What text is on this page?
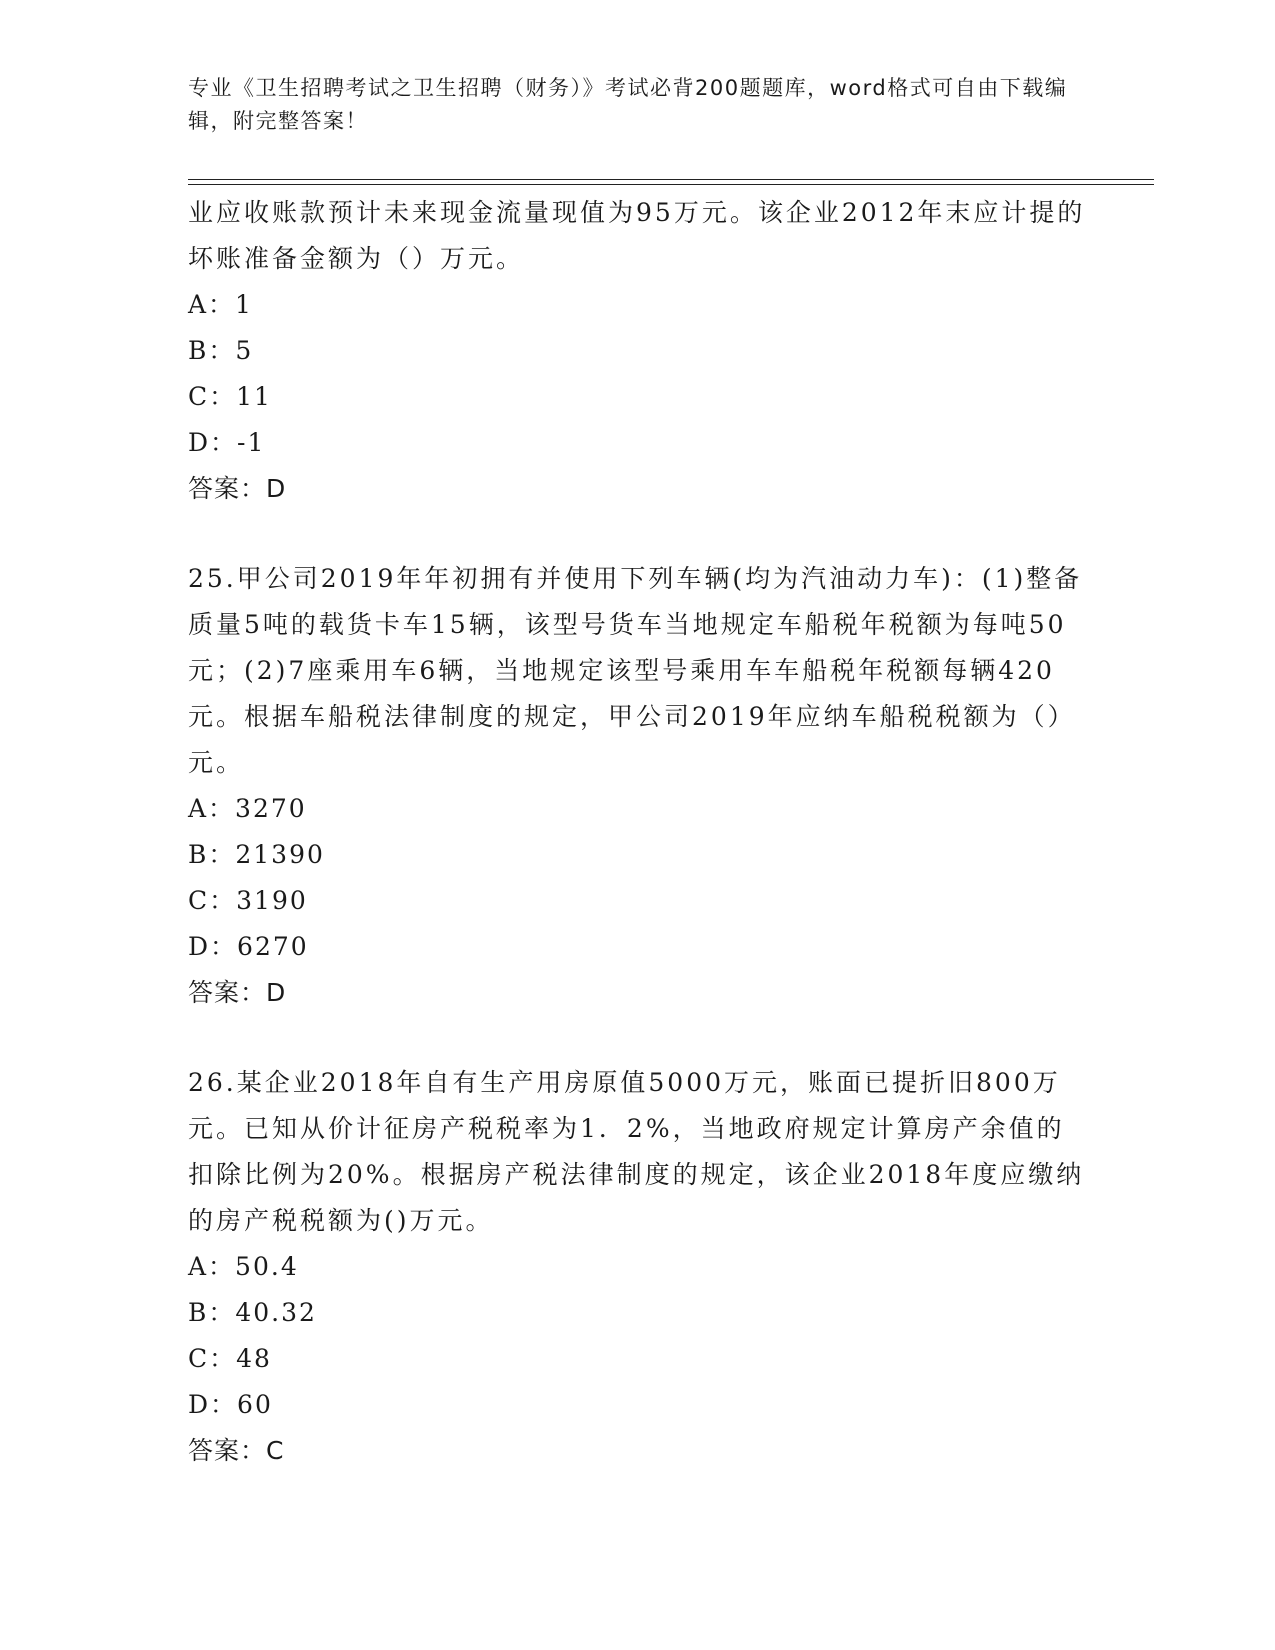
专业《卫生招聘考试之卫生招聘（财务）》考试必背200题题库，word格式可自由下载编辑，附完整答案！

业应收账款预计未来现金流量现值为95万元。该企业2012年末应计提的坏账准备金额为（）万元。

A：1

B：5

C：11

D：-1

答案：D

25.甲公司2019年年初拥有并使用下列车辆(均为汽油动力车)：(1)整备质量5吨的载货卡车15辆，该型号货车当地规定车船税年税额为每吨50元；(2)7座乘用车6辆，当地规定该型号乘用车车船税年税额每辆420元。根据车船税法律制度的规定，甲公司2019年应纳车船税税额为（）元。

A：3270

B：21390

C：3190

D：6270

答案：D

26.某企业2018年自有生产用房原值5000万元，账面已提折旧800万元。已知从价计征房产税税率为1．2%，当地政府规定计算房产余值的扣除比例为20%。根据房产税法律制度的规定，该企业2018年度应缴纳的房产税税额为()万元。

A：50.4

B：40.32

C：48

D：60

答案：C
